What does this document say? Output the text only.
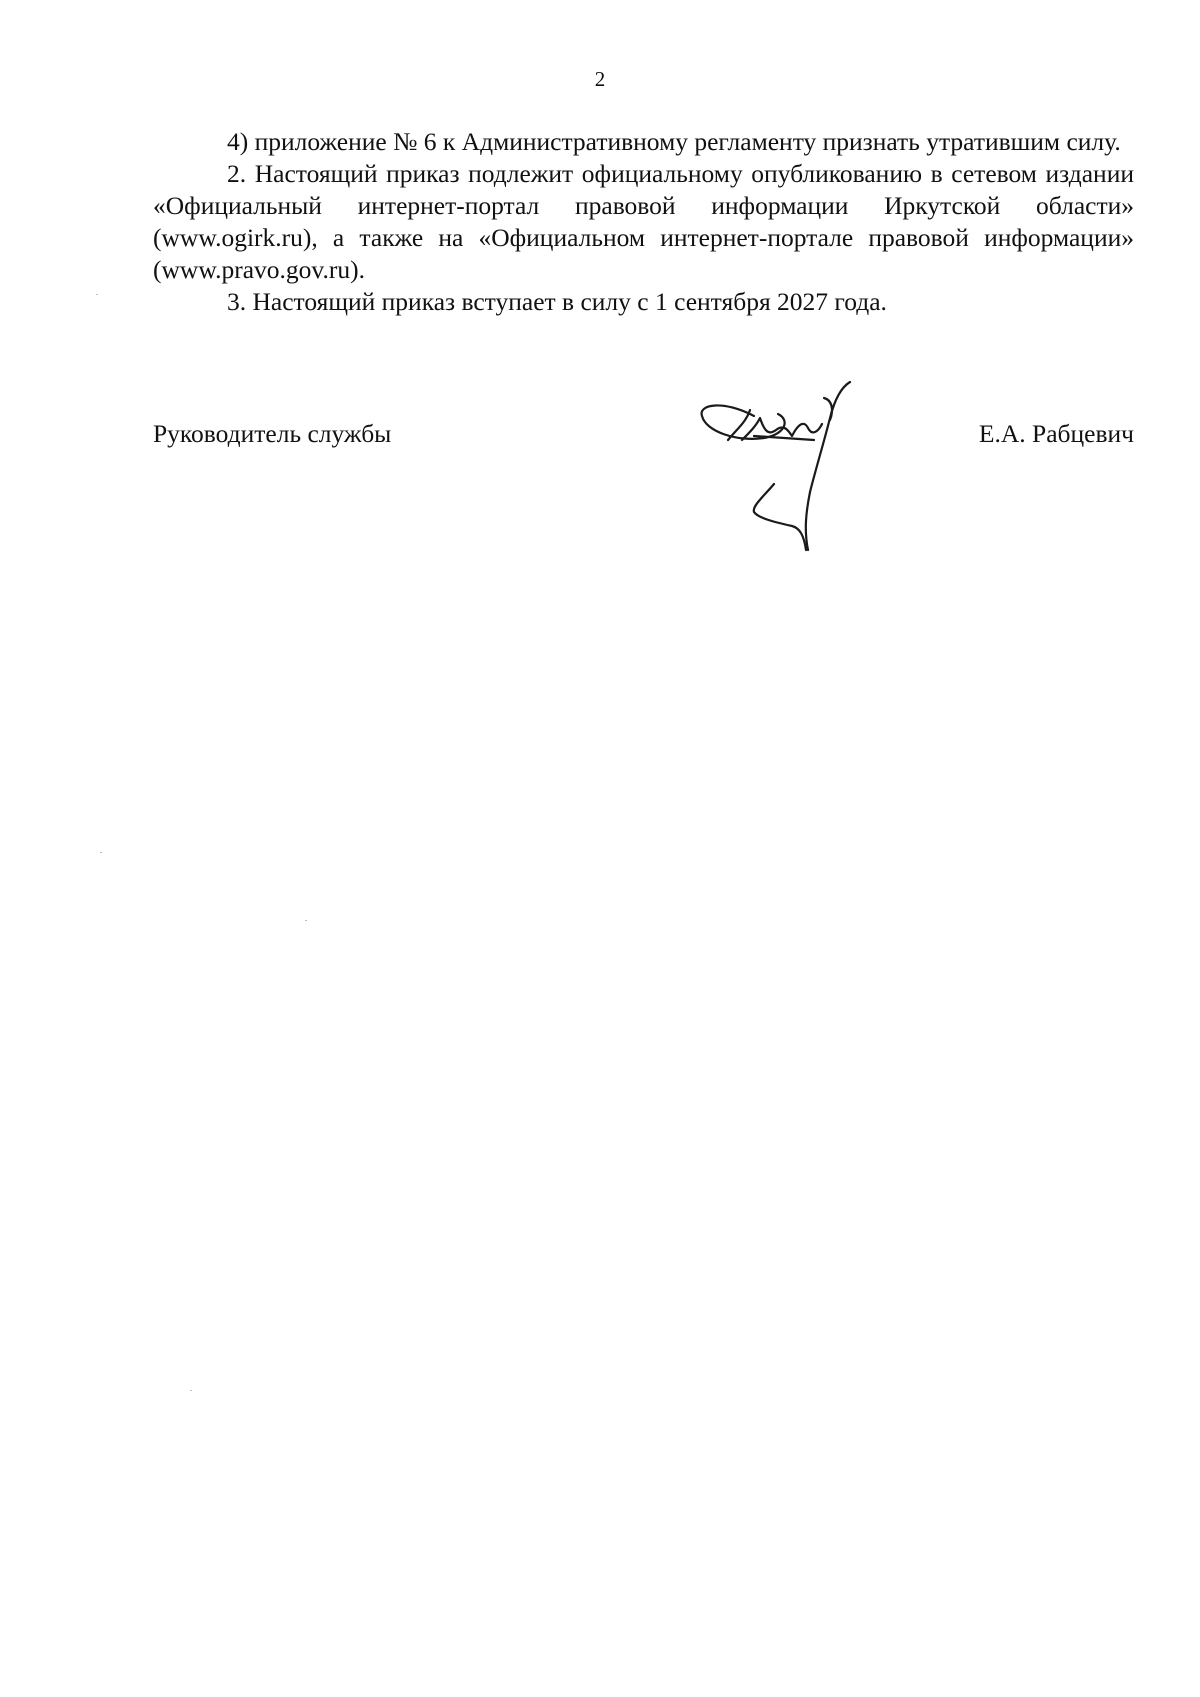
2

4) приложение № 6 к Административному регламенту признать утратившим силу.

2. Настоящий приказ подлежит официальному опубликованию в сетевом издании «Официальный интернет-портал правовой информации Иркутской области» (www.ogirk.ru), а также на «Официальном интернет-портале правовой информации» (www.pravo.gov.ru).

3. Настоящий приказ вступает в силу с 1 сентября 2027 года.

Руководитель службы	Е.А. Рабцевич
